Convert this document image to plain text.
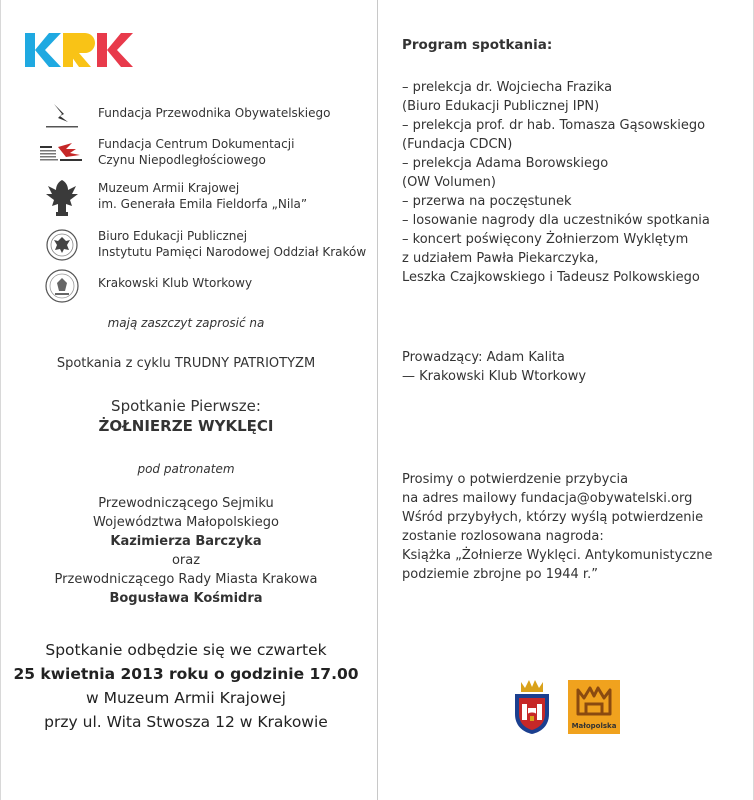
Fundacja Przewodnika Obywatelskiego
Fundacja Centrum Dokumentacji
Czynu Niepodległościowego
Muzeum Armii Krajowej
im. Generała Emila Fieldorfa „Nila”
Biuro Edukacji Publicznej
Instytutu Pamięci Narodowej Oddział Kraków
Krakowski Klub Wtorkowy
mają zaszczyt zaprosić na
Spotkania z cyklu TRUDNY PATRIOTYZM
Spotkanie Pierwsze:
ŻOŁNIERZE WYKLĘCI
pod patronatem
Przewodniczącego Sejmiku
Województwa Małopolskiego
Kazimierza Barczyka
oraz
Przewodniczącego Rady Miasta Krakowa
Bogusława Kośmidra
Spotkanie odbędzie się we czwartek
25 kwietnia 2013 roku o godzinie 17.00
w Muzeum Armii Krajowej
przy ul. Wita Stwosza 12 w Krakowie
Program spotkania:
– prelekcja dr. Wojciecha Frazika
(Biuro Edukacji Publicznej IPN)
– prelekcja prof. dr hab. Tomasza Gąsowskiego
(Fundacja CDCN)
– prelekcja Adama Borowskiego
(OW Volumen)
– przerwa na poczęstunek
– losowanie nagrody dla uczestników spotkania
– koncert poświęcony Żołnierzom Wyklętym
z udziałem Pawła Piekarczyka,
Leszka Czajkowskiego i Tadeusz Polkowskiego
Prowadzący: Adam Kalita
— Krakowski Klub Wtorkowy
Prosimy o potwierdzenie przybycia
na adres mailowy fundacja@obywatelski.org
Wśród przybyłych, którzy wyślą potwierdzenie
zostanie rozlosowana nagroda:
Książka „Żołnierze Wyklęci. Antykomunistyczne
podziemie zbrojne po 1944 r.”
Małopolska
